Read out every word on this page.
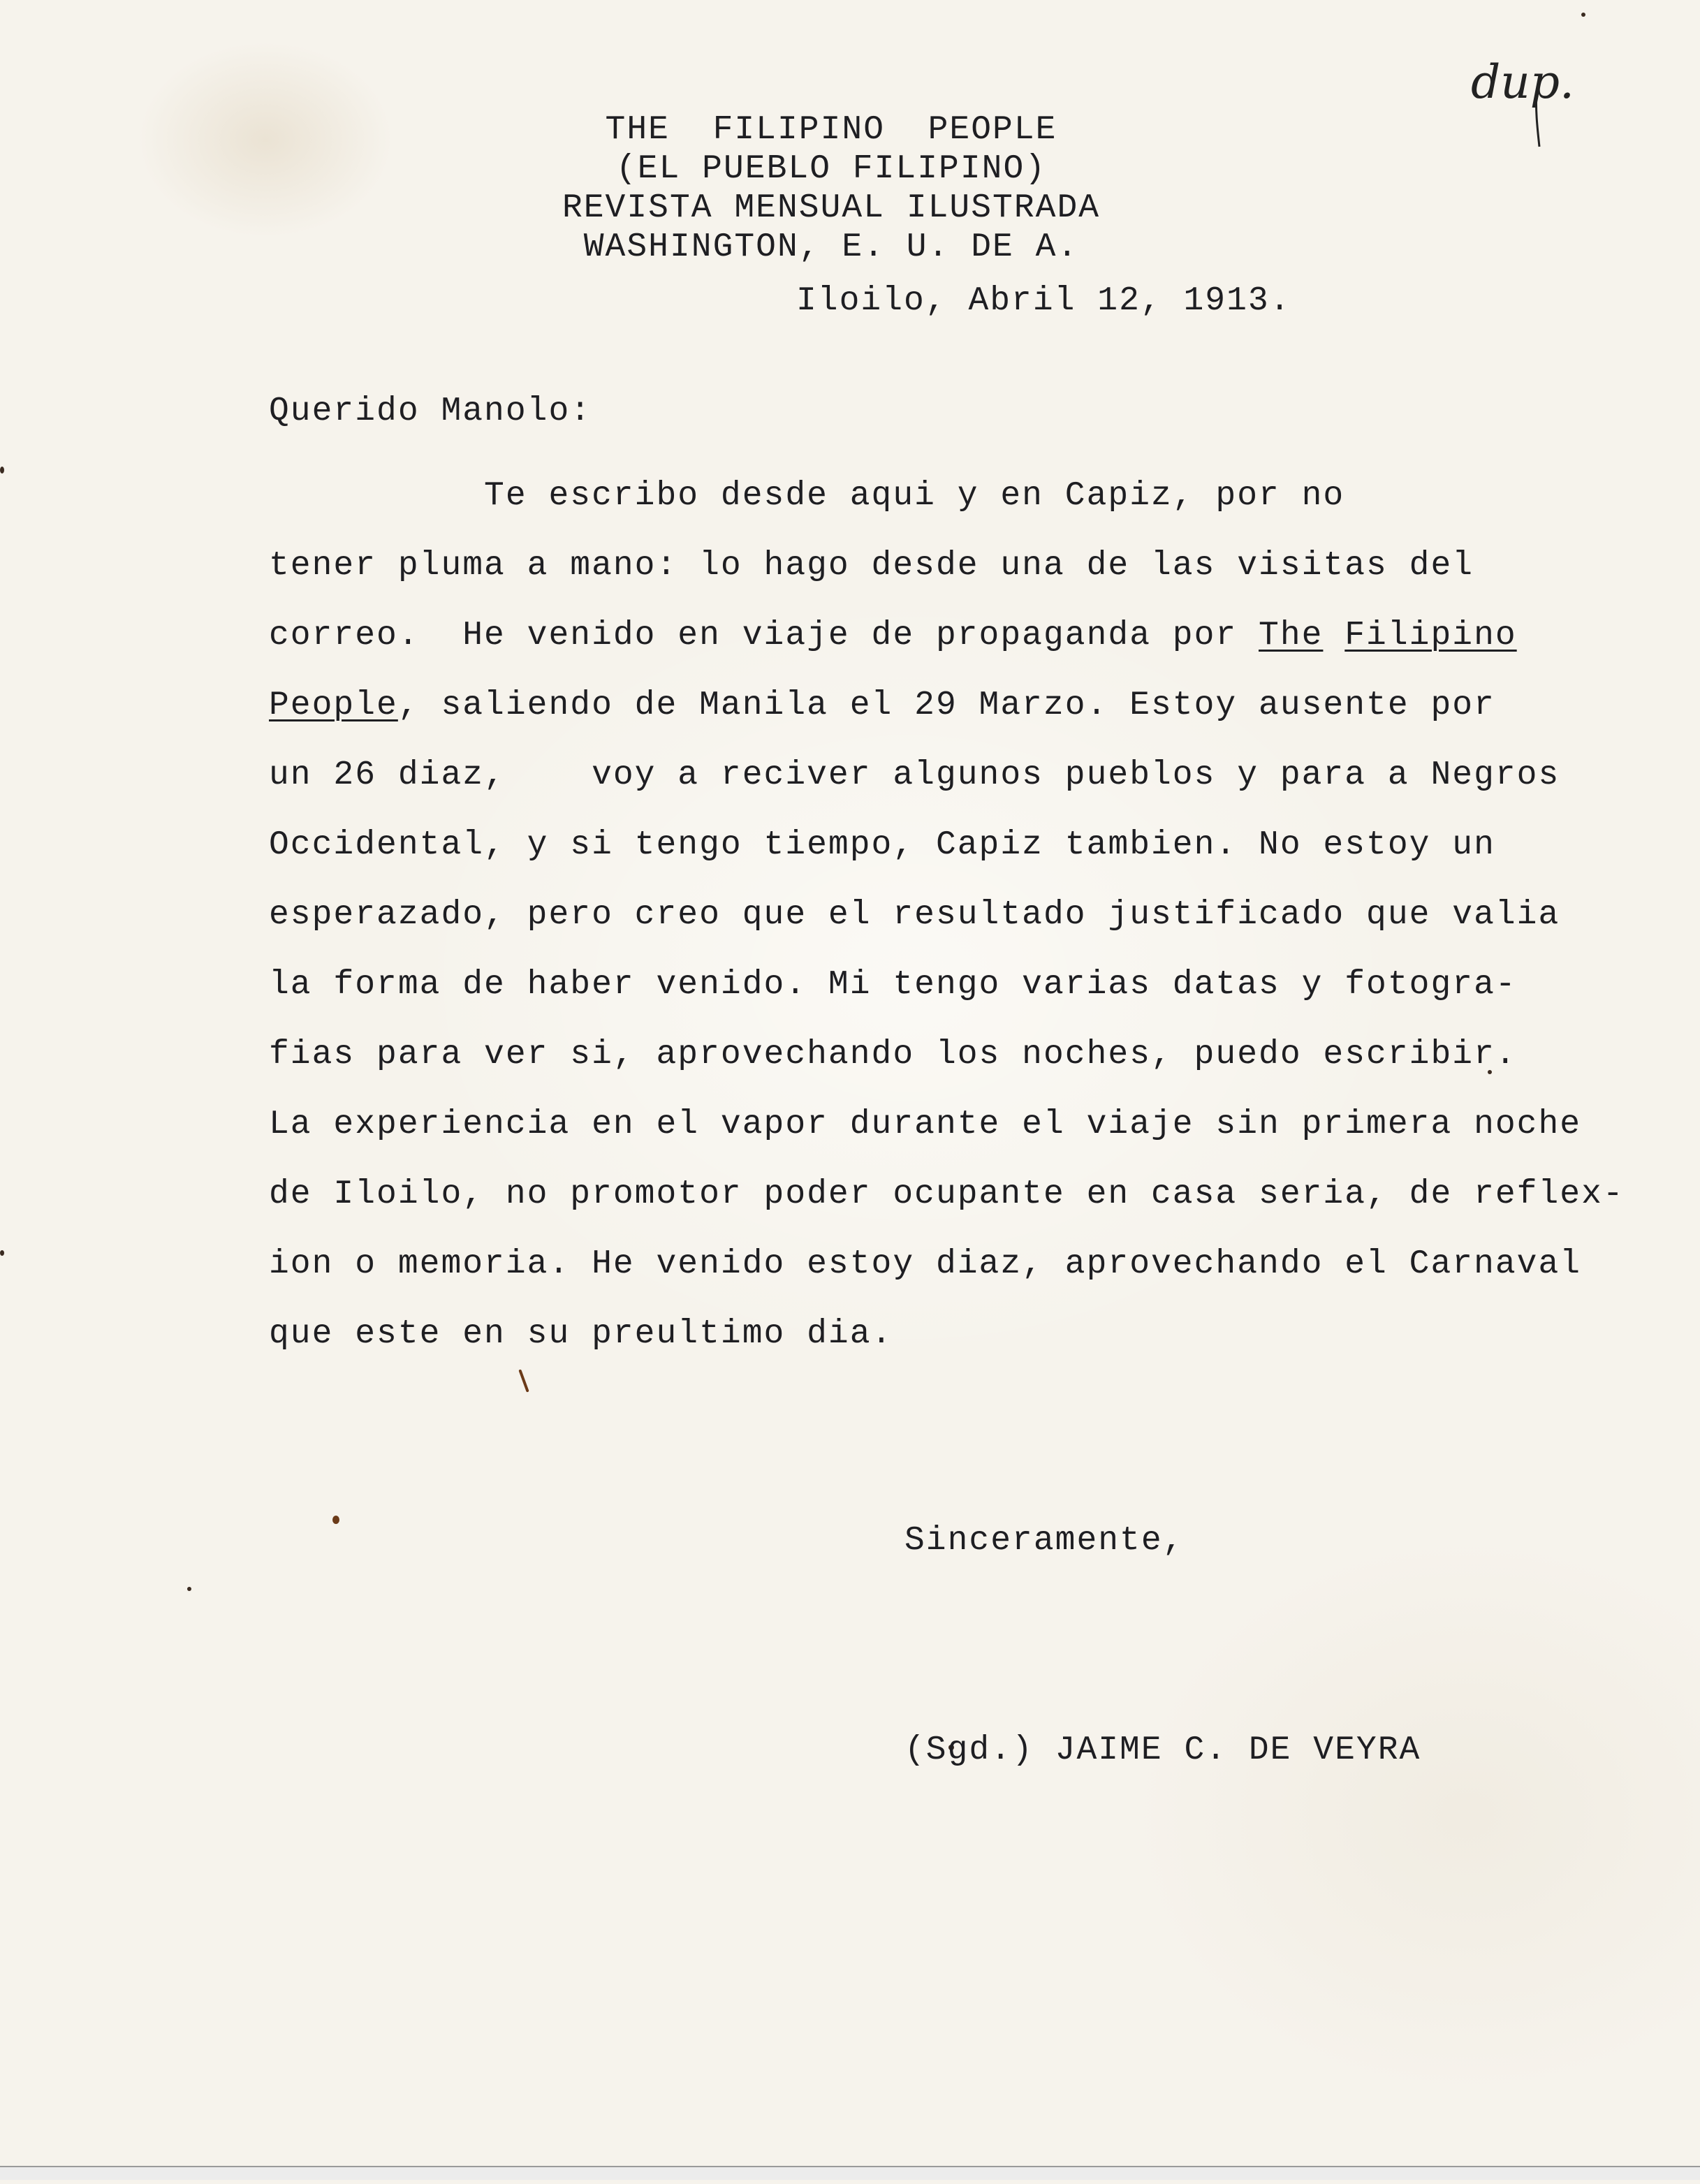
dup.
THE  FILIPINO  PEOPLE
(EL PUEBLO FILIPINO)
REVISTA MENSUAL ILUSTRADA
WASHINGTON, E. U. DE A.
Iloilo, Abril 12, 1913.
Querido Manolo:
Te escribo desde aqui y en Capiz, por no
tener pluma a mano: lo hago desde una de las visitas del
correo.  He venido en viaje de propaganda por The Filipino
People, saliendo de Manila el 29 Marzo. Estoy ausente por
un 26 diaz,    voy a reciver algunos pueblos y para a Negros
Occidental, y si tengo tiempo, Capiz tambien. No estoy un
esperazado, pero creo que el resultado justificado que valia
la forma de haber venido. Mi tengo varias datas y fotogra-
fias para ver si, aprovechando los noches, puedo escribir.
La experiencia en el vapor durante el viaje sin primera noche
de Iloilo, no promotor poder ocupante en casa seria, de reflex-
ion o memoria. He venido estoy diaz, aprovechando el Carnaval
que este en su preultimo dia.

Sinceramente,

(Sgd.) JAIME C. DE VEYRA
